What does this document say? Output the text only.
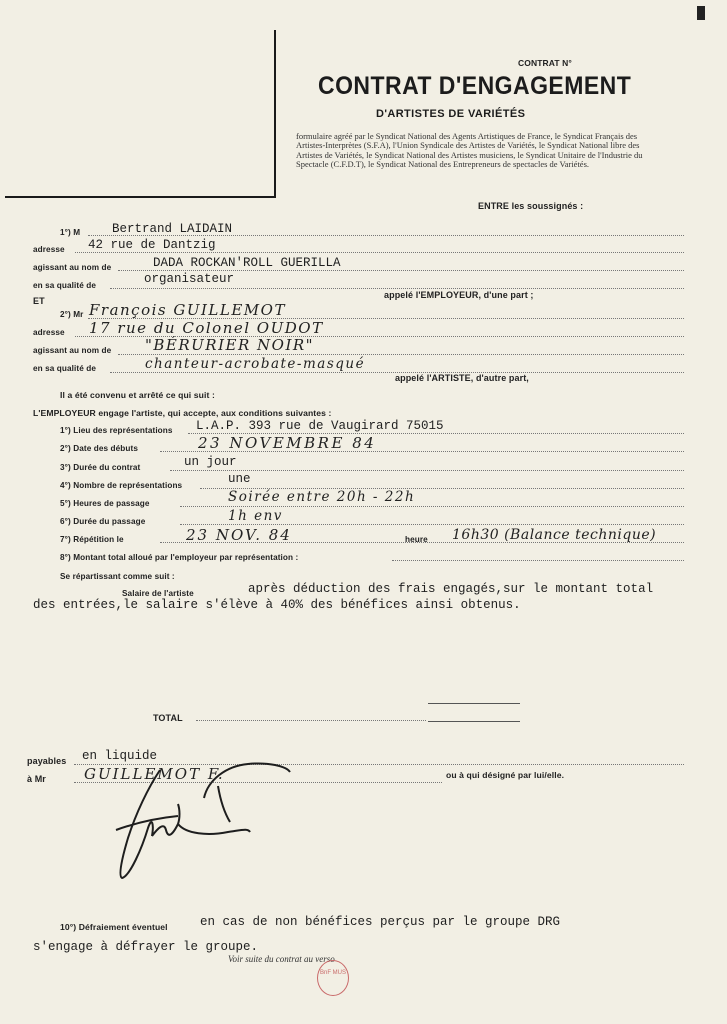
CONTRAT N°
CONTRAT D'ENGAGEMENT
D'ARTISTES DE VARIÉTÉS
formulaire agréé par le Syndicat National des Agents Artistiques de France, le Syndicat Français des Artistes-Interprètes (S.F.A), l'Union Syndicale des Artistes de Variétés, le Syndicat National libre des Artistes de Variétés, le Syndicat National des Artistes musiciens, le Syndicat Unitaire de l'Industrie du Spectacle (C.F.D.T), le Syndicat National des Entrepreneurs de spectacles de Variétés.
ENTRE les soussignés :
1°) M	Bertrand LAIDAIN
adresse 42 rue de Dantzig
agissant au nom de	DADA ROCKAN'ROLL GUERILLA
en sa qualité de	organisateur
appelé l'EMPLOYEUR, d'une part ;
ET
2°) Mr François GUILLEMOT
adresse 17 rue du Colonel OUDOT
agissant au nom de "BÉRURIER NOIR"
en sa qualité de	chanteur-acrobate-masqué
appelé l'ARTISTE, d'autre part,
Il a été convenu et arrêté ce qui suit :
L'EMPLOYEUR engage l'artiste, qui accepte, aux conditions suivantes :
1°) Lieu des représentations L.A.P. 393 rue de Vaugirard 75015
2°) Date des débuts	23 NOVEMBRE 84
3°) Durée du contrat	un jour
4°) Nombre de représentations	une
5°) Heures de passage	Soirée entre 20h - 22h
6°) Durée du passage	1h env
7°) Répétition le	23 NOV. 84	heure 16h30 (Balance technique)
8°) Montant total alloué par l'employeur par représentation :
Se répartissant comme suit :
Salaire de l'artiste	après déduction des frais engagés,sur le montant total
des entrées,le salaire s'élève à 40% des bénéfices ainsi obtenus.
TOTAL
payables en liquide
à Mr	GUILLEMOT F.	ou à qui désigné par lui/elle.
10°) Défraiement éventuel	en cas de non bénéfices perçus par le groupe DRG
s'engage à défrayer le groupe.
Voir suite du contrat au verso
BnF MUS
